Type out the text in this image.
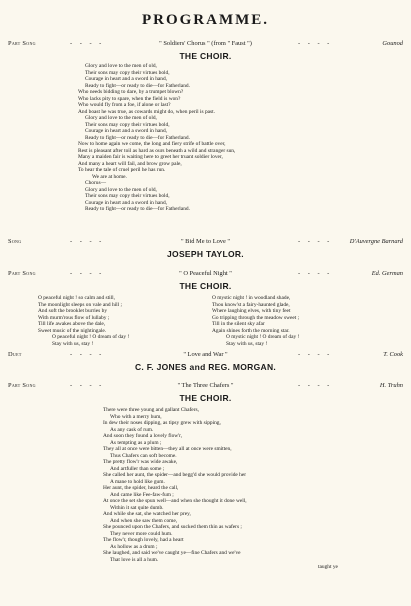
PROGRAMME.
Part Song	- - - -	" Soldiers' Chorus " (from " Faust ")	- - - -	Gounod
THE CHOIR.
Glory and love to the men of old,
Their sons may copy their virtues bold,
Courage in heart and a sword in hand,
Ready to fight—or ready to die—for Fatherland.
Who needs bidding to dare, by a trumpet blown?
Who lacks pity to spare, when the field is won?
Who would fly from a foe, if alone or last?
And boast he was true, as cowards might do, when peril is past.
Glory and love to the men of old,
Their sons may copy their virtues bold,
Courage in heart and a sword in hand,
Ready to fight—or ready to die—for Fatherland.
Now to home again we come, the long and fiery strife of battle over,
Rest is pleasant after toil as hard as ours beneath a wild and stranger sun,
Many a maiden fair is waiting here to greet her truant soldier lover,
And many a heart will fail, and brow grow pale,
To hear the tale of cruel peril he has run.
We are at home.
Chorus—
Glory and love to the men of old,
Their sons may copy their virtues bold,
Courage in heart and a sword in hand,
Ready to fight—or ready to die—for Fatherland.
Song	- - - -	" Bid Me to Love "	- - - -	D'Auvergne Barnard
JOSEPH TAYLOR.
Part Song	- - - -	" O Peaceful Night "	- - - -	Ed. German
THE CHOIR.
O peaceful night ! so calm and still,
The moonlight sleeps on vale and hill ;
And soft the brooklet burries by
With murm'rous flow of lullaby ;
Till life awakes above the dale,
Sweet music of the nightingale.
O peaceful night ! O dream of day !
Stay with us, stay !
O mystic night ! in woodland shade,
Thou know'st a fairy-haunted glade,
Where laughing elves, with tiny feet
Go tripping through the meadow sweet ;
Till in the silent sky afar
Again shines forth the morning star.
O mystic night ! O dream of day !
Stay with us, stay !
Duet	- - - -	" Love and War "	- - - -	T. Cook
C. F. JONES and REG. MORGAN.
Part Song	- - - -	" The Three Chafers "	- - - -	H. Truhn
THE CHOIR.
There were three young and gallant Chafers,
Who with a merry hum,
In dew their noses dipping, as tipsy grew with sipping,
As any cask of rum.
And soon they found a lovely flow'r,
As tempting as a plum ;
They all at once were bitten—they all at once were smitten,
Thus Chafers can soft become.
The pretty flow'r was wide awake,
And artfuller than some ;
She called her aunt, the spider—and begg'd she would provide her
A mane to hold like gum.
Her aunt, the spider, heard the call,
And came like Fee-faw-fum ;
At once the set she spun well—and when she thought it done well,
Within it sat quite dumb.
And while she sat, she watched her prey,
And when she saw them come,
She pounced upon the Chafers, and sucked them thin as wafers ;
They never more could hum.
The flow'r, though lovely, had a heart
As hollow as a drum ;
She laughed, and said we've caught ye—fine Chafers and we've
That love is all a hum.
taught ye
